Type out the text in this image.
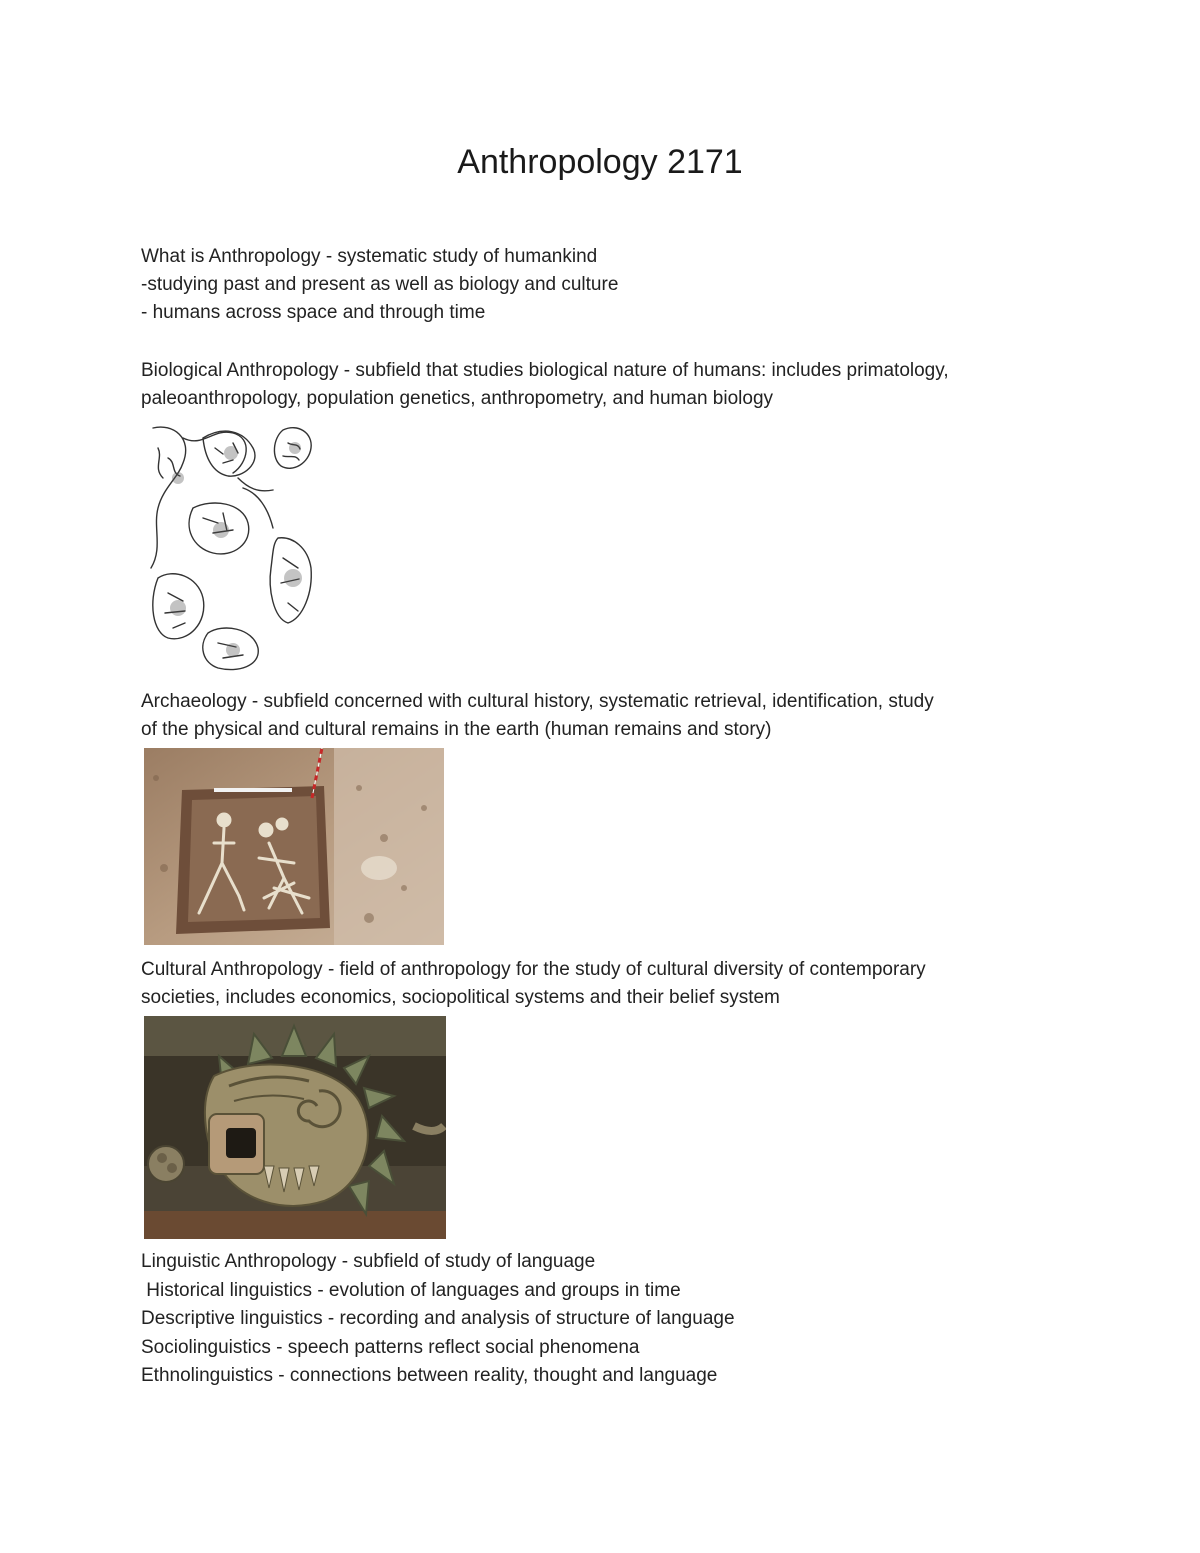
Anthropology 2171
What is Anthropology - systematic study of humankind
-studying past and present as well as biology and culture
- humans across space and through time
Biological Anthropology - subfield that studies biological nature of humans: includes primatology,
paleoanthropology, population genetics, anthropometry, and human biology
Archaeology - subfield concerned with cultural history, systematic retrieval, identification, study
of the physical and cultural remains in the earth (human remains and story)
Cultural Anthropology - field of anthropology for the study of cultural diversity of contemporary
societies, includes economics, sociopolitical systems and their belief system
Linguistic Anthropology - subfield of study of language
Historical linguistics - evolution of languages and groups in time
Descriptive linguistics - recording and analysis of structure of language
Sociolinguistics - speech patterns reflect social phenomena
Ethnolinguistics - connections between reality, thought and language
